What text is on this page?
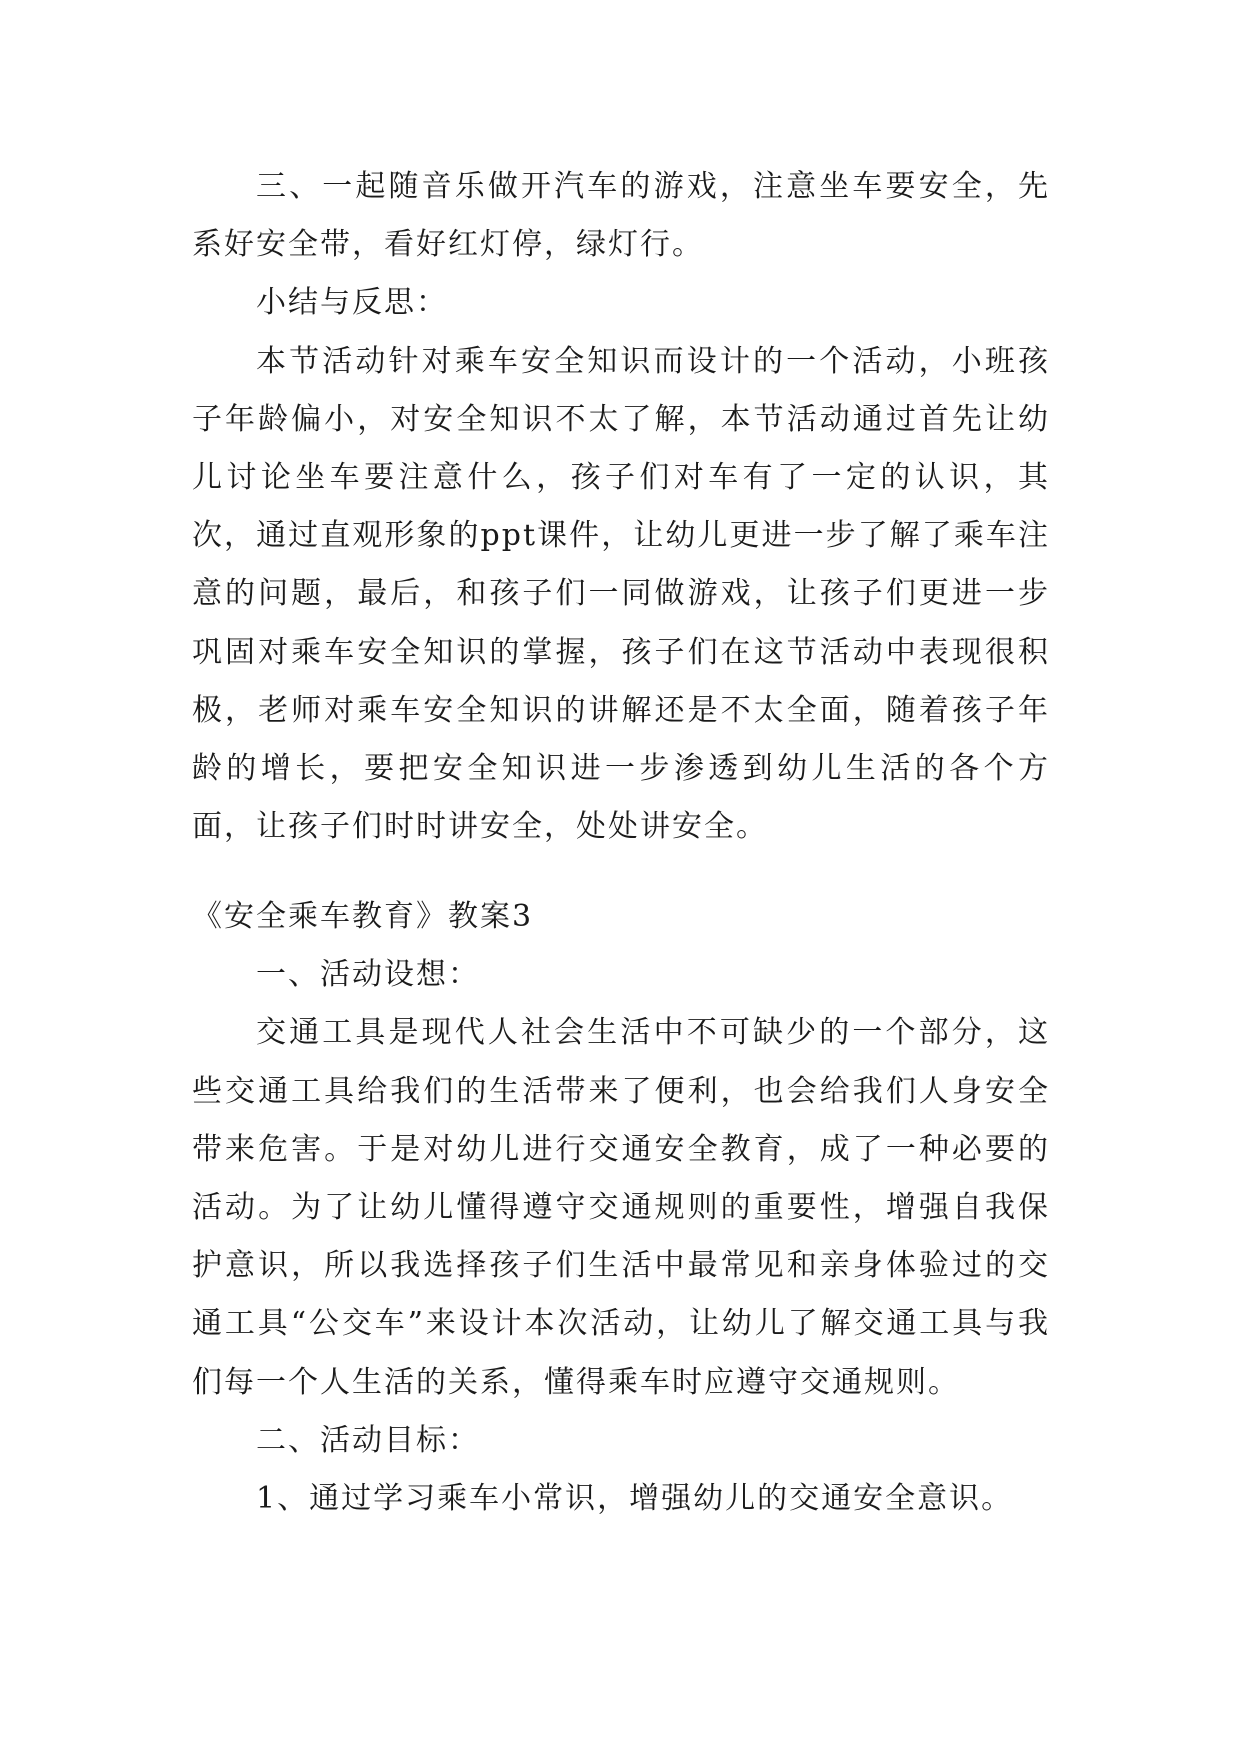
三、一起随音乐做开汽车的游戏，注意坐车要安全，先系好安全带，看好红灯停，绿灯行。

小结与反思：

本节活动针对乘车安全知识而设计的一个活动，小班孩子年龄偏小，对安全知识不太了解，本节活动通过首先让幼儿讨论坐车要注意什么，孩子们对车有了一定的认识，其次，通过直观形象的ppt课件，让幼儿更进一步了解了乘车注意的问题，最后，和孩子们一同做游戏，让孩子们更进一步巩固对乘车安全知识的掌握，孩子们在这节活动中表现很积极，老师对乘车安全知识的讲解还是不太全面，随着孩子年龄的增长，要把安全知识进一步渗透到幼儿生活的各个方面，让孩子们时时讲安全，处处讲安全。

《安全乘车教育》教案3

一、活动设想：

交通工具是现代人社会生活中不可缺少的一个部分，这些交通工具给我们的生活带来了便利，也会给我们人身安全带来危害。于是对幼儿进行交通安全教育，成了一种必要的活动。为了让幼儿懂得遵守交通规则的重要性，增强自我保护意识，所以我选择孩子们生活中最常见和亲身体验过的交通工具“公交车”来设计本次活动，让幼儿了解交通工具与我们每一个人生活的关系，懂得乘车时应遵守交通规则。

二、活动目标：

1、通过学习乘车小常识，增强幼儿的交通安全意识。
